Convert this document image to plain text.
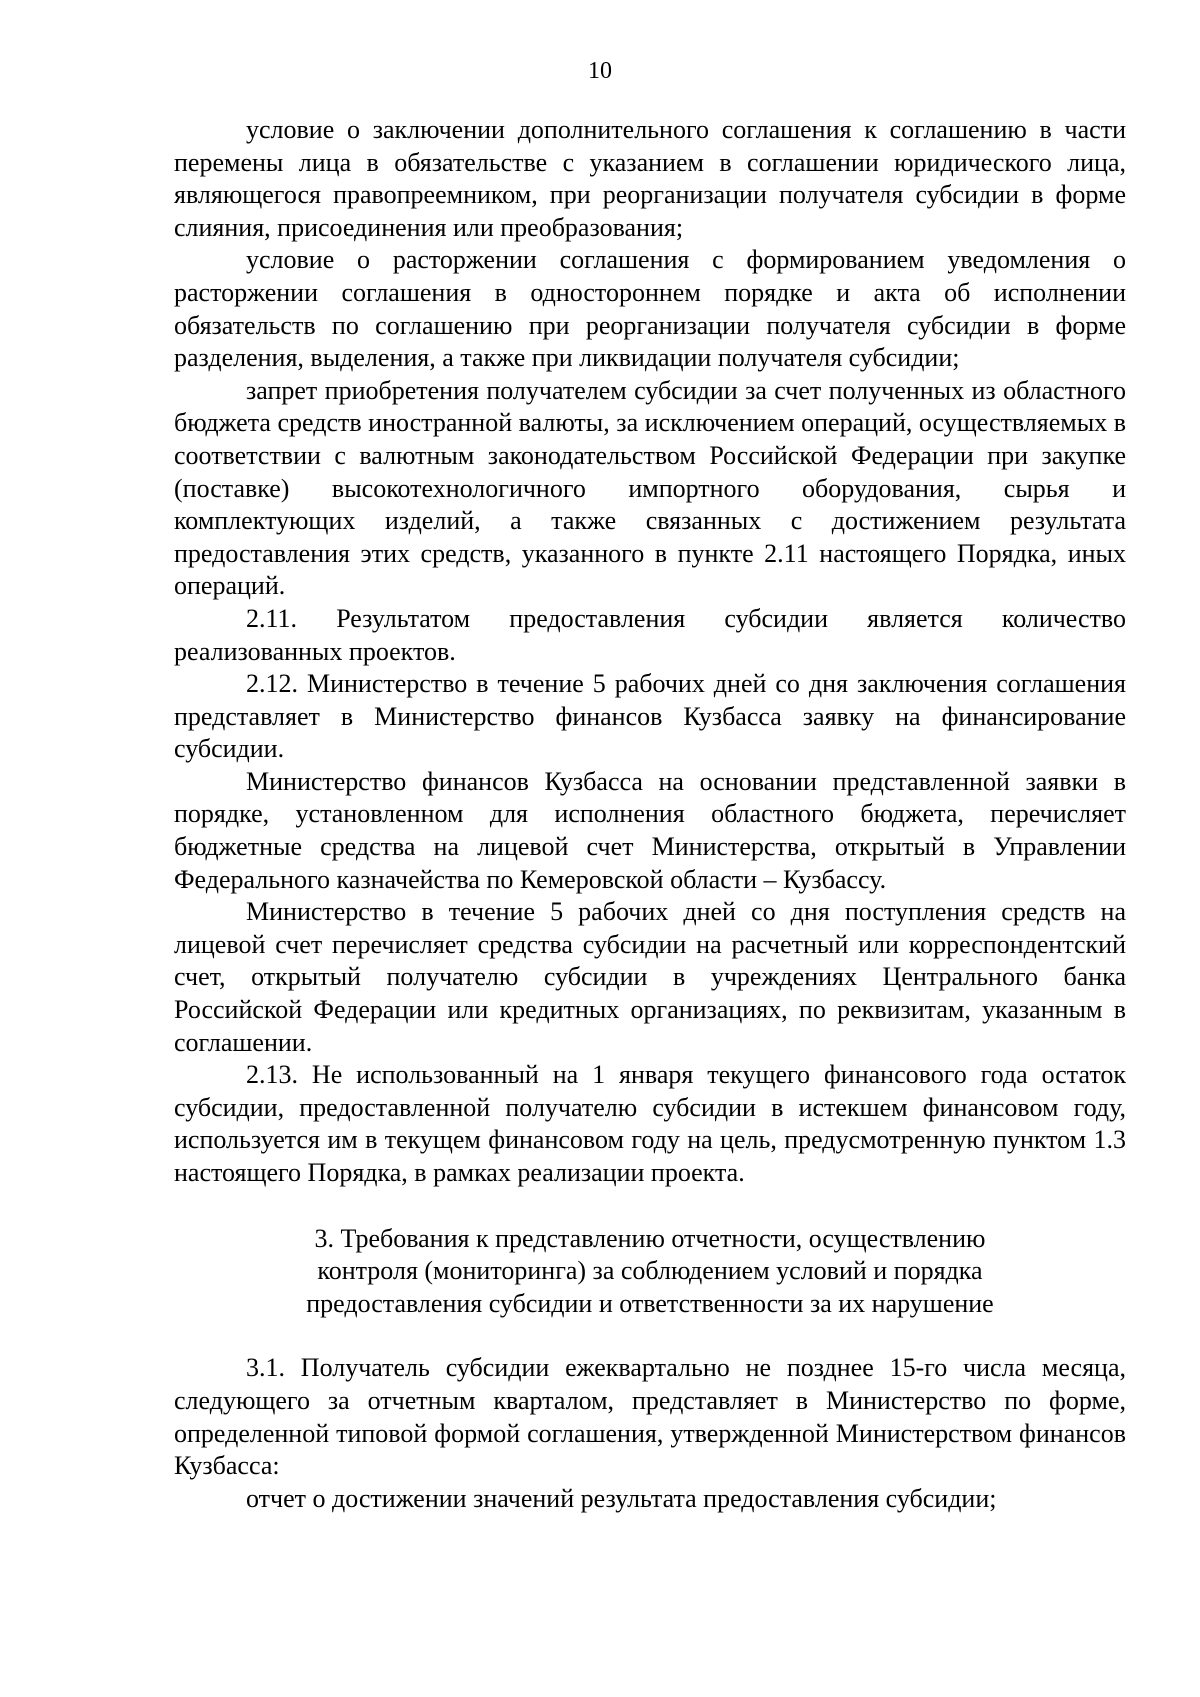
10

условие о заключении дополнительного соглашения к соглашению в части перемены лица в обязательстве с указанием в соглашении юридического лица, являющегося правопреемником, при реорганизации получателя субсидии в форме слияния, присоединения или преобразования;

условие о расторжении соглашения с формированием уведомления о расторжении соглашения в одностороннем порядке и акта об исполнении обязательств по соглашению при реорганизации получателя субсидии в форме разделения, выделения, а также при ликвидации получателя субсидии;

запрет приобретения получателем субсидии за счет полученных из областного бюджета средств иностранной валюты, за исключением операций, осуществляемых в соответствии с валютным законодательством Российской Федерации при закупке (поставке) высокотехнологичного импортного оборудования, сырья и комплектующих изделий, а также связанных с достижением результата предоставления этих средств, указанного в пункте 2.11 настоящего Порядка, иных операций.

2.11. Результатом предоставления субсидии является количество реализованных проектов.

2.12. Министерство в течение 5 рабочих дней со дня заключения соглашения представляет в Министерство финансов Кузбасса заявку на финансирование субсидии.

Министерство финансов Кузбасса на основании представленной заявки в порядке, установленном для исполнения областного бюджета, перечисляет бюджетные средства на лицевой счет Министерства, открытый в Управлении Федерального казначейства по Кемеровской области – Кузбассу.

Министерство в течение 5 рабочих дней со дня поступления средств на лицевой счет перечисляет средства субсидии на расчетный или корреспондентский счет, открытый получателю субсидии в учреждениях Центрального банка Российской Федерации или кредитных организациях, по реквизитам, указанным в соглашении.

2.13. Не использованный на 1 января текущего финансового года остаток субсидии, предоставленной получателю субсидии в истекшем финансовом году, используется им в текущем финансовом году на цель, предусмотренную пунктом 1.3 настоящего Порядка, в рамках реализации проекта.

3. Требования к представлению отчетности, осуществлению
контроля (мониторинга) за соблюдением условий и порядка
предоставления субсидии и ответственности за их нарушение

3.1. Получатель субсидии ежеквартально не позднее 15-го числа месяца, следующего за отчетным кварталом, представляет в Министерство по форме, определенной типовой формой соглашения, утвержденной Министерством финансов Кузбасса:

отчет о достижении значений результата предоставления субсидии;
